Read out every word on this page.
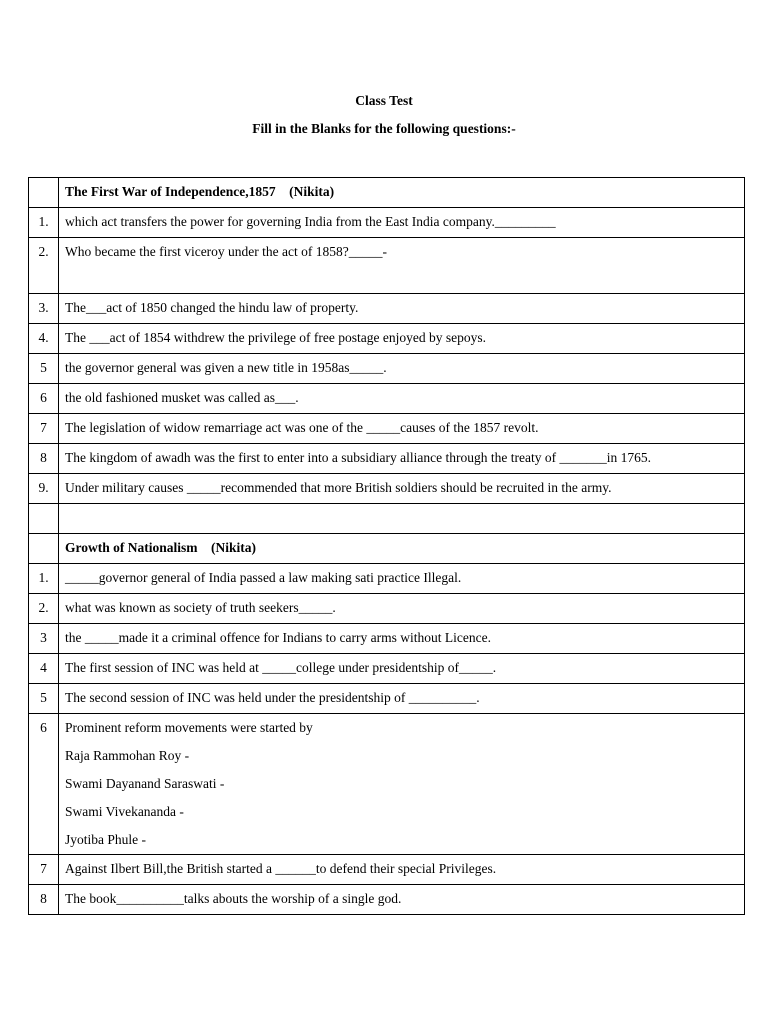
Class Test
Fill in the Blanks for the following questions:-
	The First War of Independence,1857 (Nikita)
1.	which act transfers the power for governing India from the East India company._________
2.	Who became the first viceroy under the act of 1858?_____-
3.	The___act of 1850 changed the hindu law of property.
4.	The ___act of 1854 withdrew the privilege of free postage enjoyed by sepoys.
5	the governor general was given a new title in 1958as_____.
6	the old fashioned musket was called as___.
7	The legislation of widow remarriage act was one of the _____causes of the 1857 revolt.
8	The kingdom of awadh was the first to enter into a subsidiary alliance through the treaty of _______in 1765.
9.	Under military causes _____recommended that more British soldiers should be recruited in the army.

	Growth of Nationalism (Nikita)
1.	_____governor general of India passed a law making sati practice Illegal.
2.	what was known as society of truth seekers_____.
3	the _____made it a criminal offence for Indians to carry arms without Licence.
4	The first session of INC was held at _____college under presidentship of_____.
5	The second session of INC was held under the presidentship of __________.
6	Prominent reform movements were started by
Raja Rammohan Roy -
Swami Dayanand Saraswati -
Swami Vivekananda -
Jyotiba Phule -

7	Against Ilbert Bill,the British started a ______to defend their special Privileges.
8	The book__________talks abouts the worship of a single god.
